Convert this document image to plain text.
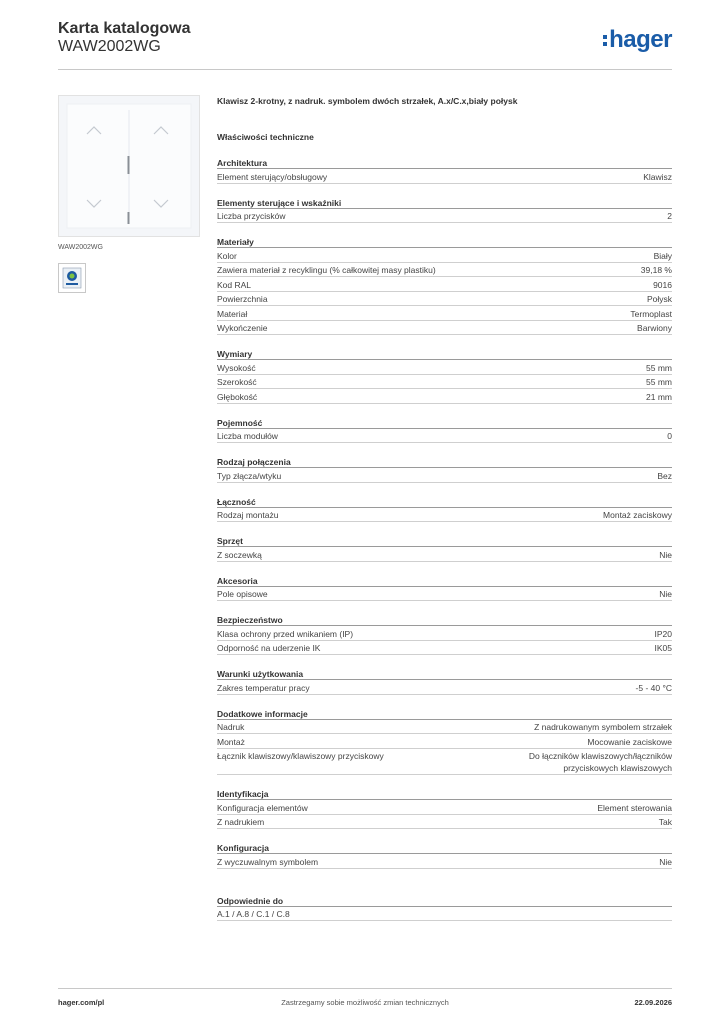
Karta katalogowa
WAW2002WG	hager
WAW2002WG
Klawisz 2-krotny, z nadruk. symbolem dwóch strzałek, A.x/C.x,biały połysk
Właściwości techniczne
Architektura
Element sterujący/obsługowy	Klawisz
Elementy sterujące i wskaźniki
Liczba przycisków	2
Materiały
Kolor	Biały
Zawiera materiał z recyklingu (% całkowitej masy plastiku)	39,18 %
Kod RAL	9016
Powierzchnia	Połysk
Materiał	Termoplast
Wykończenie	Barwiony
Wymiary
Wysokość	55 mm
Szerokość	55 mm
Głębokość	21 mm
Pojemność
Liczba modułów	0
Rodzaj połączenia
Typ złącza/wtyku	Bez
Łączność
Rodzaj montażu	Montaż zaciskowy
Sprzęt
Z soczewką	Nie
Akcesoria
Pole opisowe	Nie
Bezpieczeństwo
Klasa ochrony przed wnikaniem (IP)	IP20
Odporność na uderzenie IK	IK05
Warunki użytkowania
Zakres temperatur pracy	-5 - 40 °C
Dodatkowe informacje
Nadruk	Z nadrukowanym symbolem strzałek
Montaż	Mocowanie zaciskowe
Łącznik klawiszowy/klawiszowy przyciskowy	Do łączników klawiszowych/łączników przyciskowych klawiszowych
Identyfikacja
Konfiguracja elementów	Element sterowania
Z nadrukiem	Tak
Konfiguracja
Z wyczuwalnym symbolem	Nie
Odpowiednie do
A.1 / A.8 / C.1 / C.8
hager.com/pl	Zastrzegamy sobie możliwość zmian technicznych	22.09.2026
